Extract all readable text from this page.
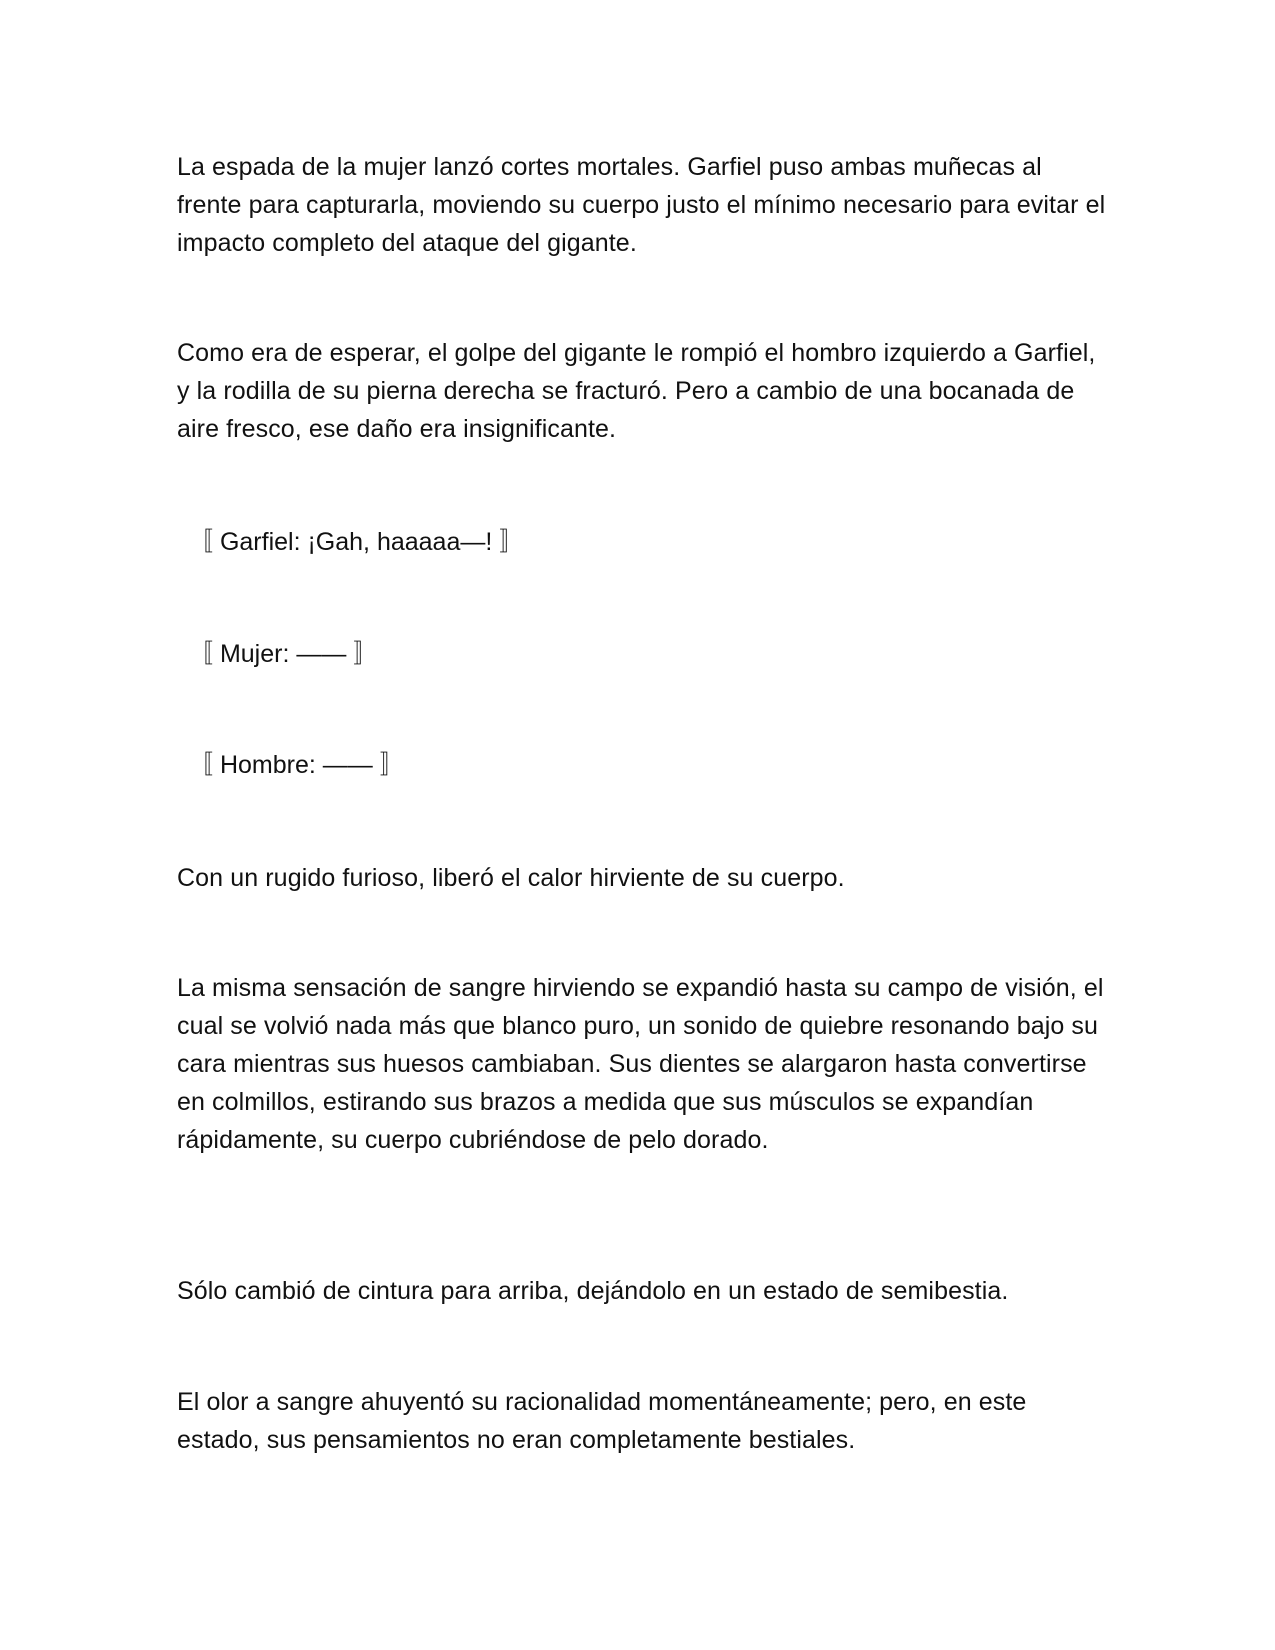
La espada de la mujer lanzó cortes mortales. Garfiel puso ambas muñecas al frente para capturarla, moviendo su cuerpo justo el mínimo necesario para evitar el impacto completo del ataque del gigante.

Como era de esperar, el golpe del gigante le rompió el hombro izquierdo a Garfiel, y la rodilla de su pierna derecha se fracturó. Pero a cambio de una bocanada de aire fresco, ese daño era insignificante.

〚 Garfiel: ¡Gah, haaaaa—! 〛

〚 Mujer: —— 〛

〚 Hombre: —— 〛

Con un rugido furioso, liberó el calor hirviente de su cuerpo.

La misma sensación de sangre hirviendo se expandió hasta su campo de visión, el cual se volvió nada más que blanco puro, un sonido de quiebre resonando bajo su cara mientras sus huesos cambiaban. Sus dientes se alargaron hasta convertirse en colmillos, estirando sus brazos a medida que sus músculos se expandían rápidamente, su cuerpo cubriéndose de pelo dorado.

Sólo cambió de cintura para arriba, dejándolo en un estado de semibestia.

El olor a sangre ahuyentó su racionalidad momentáneamente; pero, en este estado, sus pensamientos no eran completamente bestiales.
